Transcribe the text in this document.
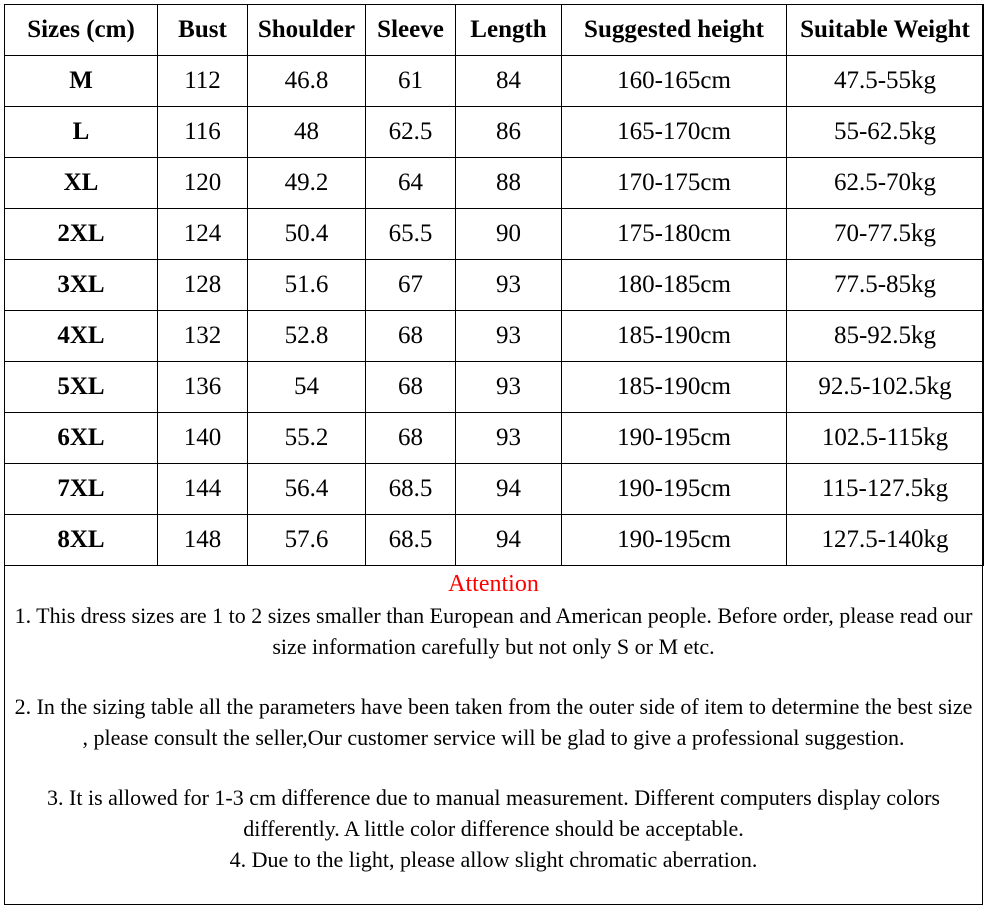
Sizes (cm)	Bust	Shoulder	Sleeve	Length	Suggested height	Suitable Weight
M	112	46.8	61	84	160-165cm	47.5-55kg
L	116	48	62.5	86	165-170cm	55-62.5kg
XL	120	49.2	64	88	170-175cm	62.5-70kg
2XL	124	50.4	65.5	90	175-180cm	70-77.5kg
3XL	128	51.6	67	93	180-185cm	77.5-85kg
4XL	132	52.8	68	93	185-190cm	85-92.5kg
5XL	136	54	68	93	185-190cm	92.5-102.5kg
6XL	140	55.2	68	93	190-195cm	102.5-115kg
7XL	144	56.4	68.5	94	190-195cm	115-127.5kg
8XL	148	57.6	68.5	94	190-195cm	127.5-140kg
Attention
1. This dress sizes are 1 to 2 sizes smaller than European and American people. Before order, please read our size information carefully but not only S or M etc.
2. In the sizing table all the parameters have been taken from the outer side of item to determine the best size , please consult the seller,Our customer service will be glad to give a professional suggestion.
3. It is allowed for 1-3 cm difference due to manual measurement. Different computers display colors differently. A little color difference should be acceptable.
4. Due to the light, please allow slight chromatic aberration.
